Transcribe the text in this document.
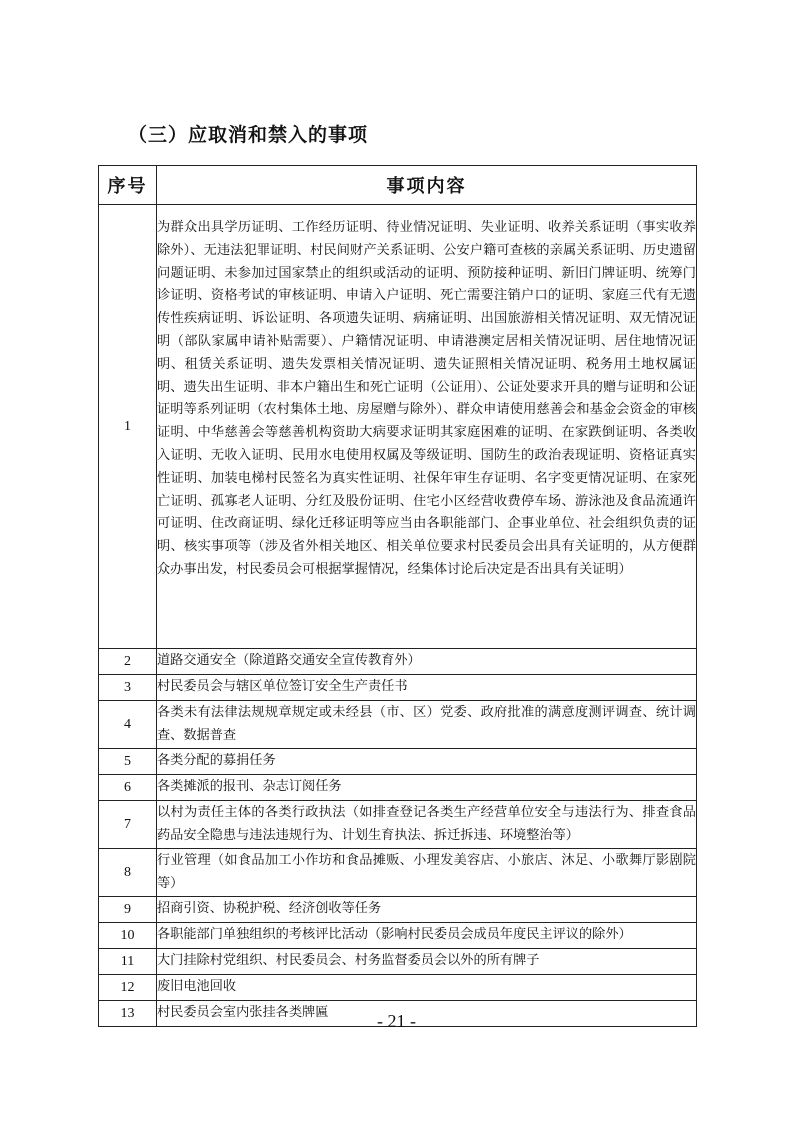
（三）应取消和禁入的事项
序号	事项内容
1	为群众出具学历证明、工作经历证明、待业情况证明、失业证明、收养关系证明（事实收养除外）、无违法犯罪证明、村民间财产关系证明、公安户籍可查核的亲属关系证明、历史遗留问题证明、未参加过国家禁止的组织或活动的证明、预防接种证明、新旧门牌证明、统筹门诊证明、资格考试的审核证明、申请入户证明、死亡需要注销户口的证明、家庭三代有无遗传性疾病证明、诉讼证明、各项遗失证明、病痛证明、出国旅游相关情况证明、双无情况证明（部队家属申请补贴需要）、户籍情况证明、申请港澳定居相关情况证明、居住地情况证明、租赁关系证明、遗失发票相关情况证明、遗失证照相关情况证明、税务用土地权属证明、遗失出生证明、非本户籍出生和死亡证明（公证用）、公证处要求开具的赠与证明和公证证明等系列证明（农村集体土地、房屋赠与除外）、群众申请使用慈善会和基金会资金的审核证明、中华慈善会等慈善机构资助大病要求证明其家庭困难的证明、在家跌倒证明、各类收入证明、无收入证明、民用水电使用权属及等级证明、国防生的政治表现证明、资格证真实性证明、加装电梯村民签名为真实性证明、社保年审生存证明、名字变更情况证明、在家死亡证明、孤寡老人证明、分红及股份证明、住宅小区经营收费停车场、游泳池及食品流通许可证明、住改商证明、绿化迁移证明等应当由各职能部门、企事业单位、社会组织负责的证明、核实事项等（涉及省外相关地区、相关单位要求村民委员会出具有关证明的，从方便群众办事出发，村民委员会可根据掌握情况，经集体讨论后决定是否出具有关证明）
2	道路交通安全（除道路交通安全宣传教育外）
3	村民委员会与辖区单位签订安全生产责任书
4	各类未有法律法规规章规定或未经县（市、区）党委、政府批准的满意度测评调查、统计调查、数据普查
5	各类分配的募捐任务
6	各类摊派的报刊、杂志订阅任务
7	以村为责任主体的各类行政执法（如排查登记各类生产经营单位安全与违法行为、排查食品药品安全隐患与违法违规行为、计划生育执法、拆迁拆违、环境整治等）
8	行业管理（如食品加工小作坊和食品摊贩、小理发美容店、小旅店、沐足、小歌舞厅影剧院等）
9	招商引资、协税护税、经济创收等任务
10	各职能部门单独组织的考核评比活动（影响村民委员会成员年度民主评议的除外）
11	大门挂除村党组织、村民委员会、村务监督委员会以外的所有牌子
12	废旧电池回收
13	村民委员会室内张挂各类牌匾	- 21 -
